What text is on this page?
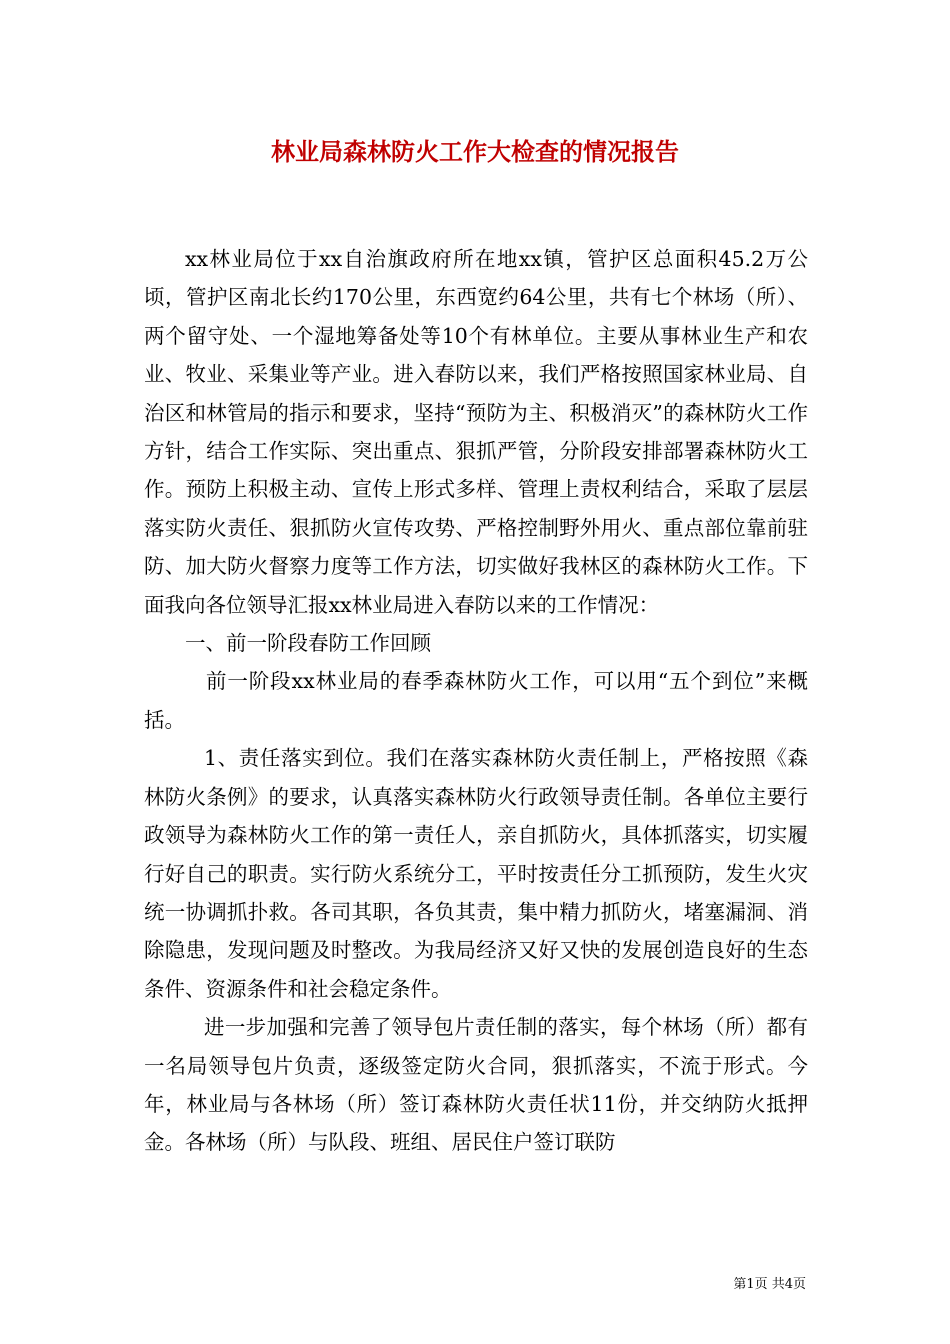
林业局森林防火工作大检查的情况报告

xx林业局位于xx自治旗政府所在地xx镇，管护区总面积45.2万公顷，管护区南北长约170公里，东西宽约64公里，共有七个林场（所）、两个留守处、一个湿地筹备处等10个有林单位。主要从事林业生产和农业、牧业、采集业等产业。进入春防以来，我们严格按照国家林业局、自治区和林管局的指示和要求，坚持“预防为主、积极消灭”的森林防火工作方针，结合工作实际、突出重点、狠抓严管，分阶段安排部署森林防火工作。预防上积极主动、宣传上形式多样、管理上责权利结合，采取了层层落实防火责任、狠抓防火宣传攻势、严格控制野外用火、重点部位靠前驻防、加大防火督察力度等工作方法，切实做好我林区的森林防火工作。下面我向各位领导汇报xx林业局进入春防以来的工作情况：

一、前一阶段春防工作回顾

前一阶段xx林业局的春季森林防火工作，可以用“五个到位”来概括。

1、责任落实到位。我们在落实森林防火责任制上，严格按照《森林防火条例》的要求，认真落实森林防火行政领导责任制。各单位主要行政领导为森林防火工作的第一责任人，亲自抓防火，具体抓落实，切实履行好自己的职责。实行防火系统分工，平时按责任分工抓预防，发生火灾统一协调抓扑救。各司其职，各负其责，集中精力抓防火，堵塞漏洞、消除隐患，发现问题及时整改。为我局经济又好又快的发展创造良好的生态条件、资源条件和社会稳定条件。

进一步加强和完善了领导包片责任制的落实，每个林场（所）都有一名局领导包片负责，逐级签定防火合同，狠抓落实，不流于形式。今年，林业局与各林场（所）签订森林防火责任状11份，并交纳防火抵押金。各林场（所）与队段、班组、居民住户签订联防

第1页 共4页
